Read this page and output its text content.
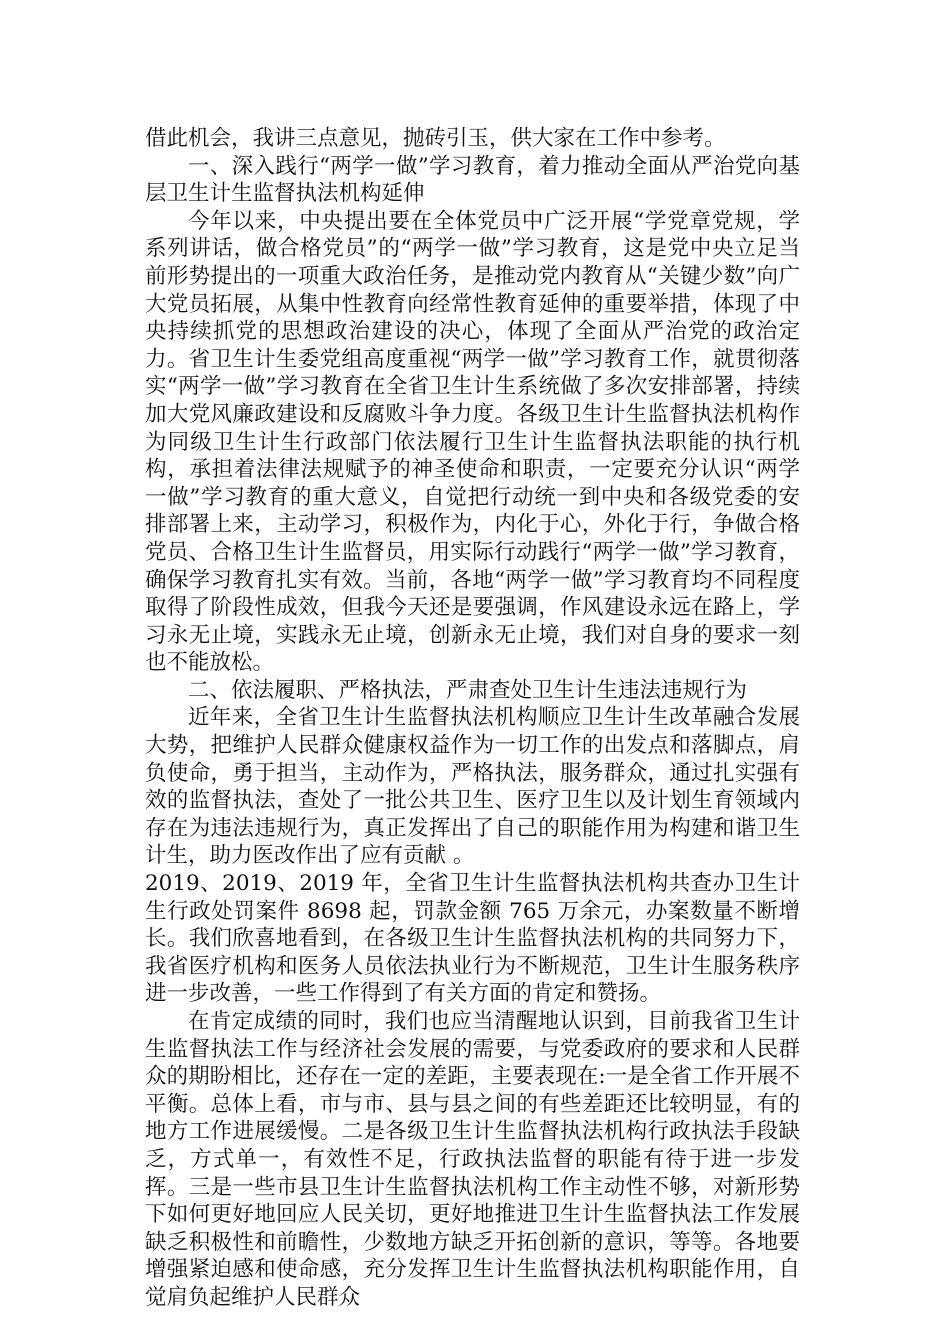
借此机会，我讲三点意见，抛砖引玉，供大家在工作中参考。

一、深入践行“两学一做”学习教育，着力推动全面从严治党向基层卫生计生监督执法机构延伸

今年以来，中央提出要在全体党员中广泛开展“学党章党规，学系列讲话，做合格党员”的“两学一做”学习教育，这是党中央立足当前形势提出的一项重大政治任务，是推动党内教育从“关键少数”向广大党员拓展，从集中性教育向经常性教育延伸的重要举措，体现了中央持续抓党的思想政治建设的决心，体现了全面从严治党的政治定力。省卫生计生委党组高度重视“两学一做”学习教育工作，就贯彻落实“两学一做”学习教育在全省卫生计生系统做了多次安排部署，持续加大党风廉政建设和反腐败斗争力度。各级卫生计生监督执法机构作为同级卫生计生行政部门依法履行卫生计生监督执法职能的执行机构，承担着法律法规赋予的神圣使命和职责，一定要充分认识“两学一做”学习教育的重大意义，自觉把行动统一到中央和各级党委的安排部署上来，主动学习，积极作为，内化于心，外化于行，争做合格党员、合格卫生计生监督员，用实际行动践行“两学一做”学习教育，确保学习教育扎实有效。当前，各地“两学一做”学习教育均不同程度取得了阶段性成效，但我今天还是要强调，作风建设永远在路上，学习永无止境，实践永无止境，创新永无止境，我们对自身的要求一刻也不能放松。

二、依法履职、严格执法，严肃查处卫生计生违法违规行为

近年来，全省卫生计生监督执法机构顺应卫生计生改革融合发展大势，把维护人民群众健康权益作为一切工作的出发点和落脚点，肩负使命，勇于担当，主动作为，严格执法，服务群众，通过扎实强有效的监督执法，查处了一批公共卫生、医疗卫生以及计划生育领域内存在为违法违规行为，真正发挥出了自己的职能作用为构建和谐卫生计生，助力医改作出了应有贡献 。

2019、2019、2019 年，全省卫生计生监督执法机构共查办卫生计生行政处罚案件 8698 起，罚款金额 765 万余元，办案数量不断增长。我们欣喜地看到，在各级卫生计生监督执法机构的共同努力下，我省医疗机构和医务人员依法执业行为不断规范，卫生计生服务秩序进一步改善，一些工作得到了有关方面的肯定和赞扬。

在肯定成绩的同时，我们也应当清醒地认识到，目前我省卫生计生监督执法工作与经济社会发展的需要，与党委政府的要求和人民群众的期盼相比，还存在一定的差距，主要表现在:一是全省工作开展不平衡。总体上看，市与市、县与县之间的有些差距还比较明显，有的地方工作进展缓慢。二是各级卫生计生监督执法机构行政执法手段缺乏，方式单一，有效性不足，行政执法监督的职能有待于进一步发挥。三是一些市县卫生计生监督执法机构工作主动性不够，对新形势下如何更好地回应人民关切，更好地推进卫生计生监督执法工作发展缺乏积极性和前瞻性，少数地方缺乏开拓创新的意识，等等。各地要增强紧迫感和使命感，充分发挥卫生计生监督执法机构职能作用，自觉肩负起维护人民群众
